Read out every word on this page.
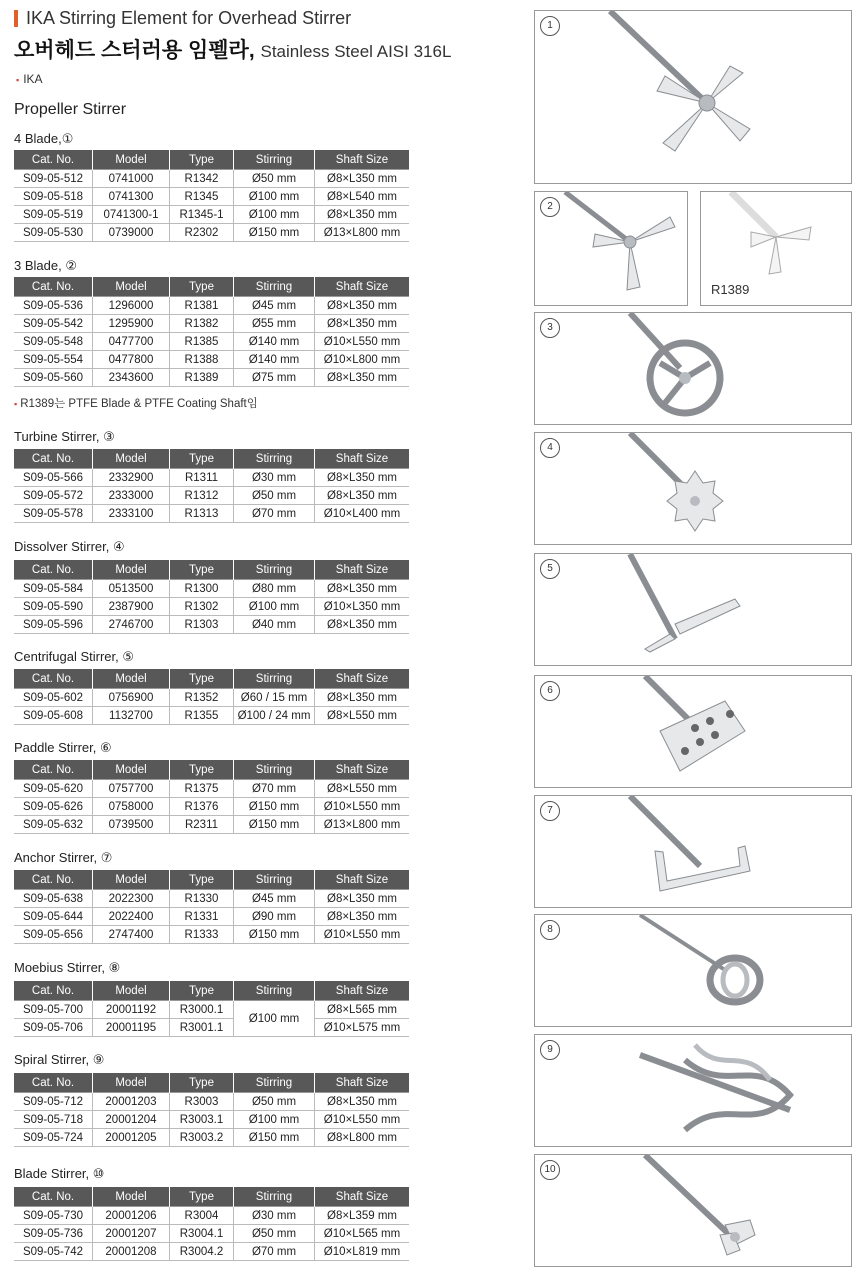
IKA Stirring Element for Overhead Stirrer
오버헤드 스터러용 임펠라, Stainless Steel AISI 316L
▪ IKA
Propeller Stirrer
4 Blade,①
Cat. No.	Model	Type	Stirring	Shaft Size
S09-05-512	0741000	R1342	Ø50 mm	Ø8×L350 mm
S09-05-518	0741300	R1345	Ø100 mm	Ø8×L540 mm
S09-05-519	0741300-1	R1345-1	Ø100 mm	Ø8×L350 mm
S09-05-530	0739000	R2302	Ø150 mm	Ø13×L800 mm
3 Blade, ②
Cat. No.	Model	Type	Stirring	Shaft Size
S09-05-536	1296000	R1381	Ø45 mm	Ø8×L350 mm
S09-05-542	1295900	R1382	Ø55 mm	Ø8×L350 mm
S09-05-548	0477700	R1385	Ø140 mm	Ø10×L550 mm
S09-05-554	0477800	R1388	Ø140 mm	Ø10×L800 mm
S09-05-560	2343600	R1389	Ø75 mm	Ø8×L350 mm
▪ R1389는 PTFE Blade & PTFE Coating Shaft임
Turbine Stirrer, ③
Cat. No.	Model	Type	Stirring	Shaft Size
S09-05-566	2332900	R1311	Ø30 mm	Ø8×L350 mm
S09-05-572	2333000	R1312	Ø50 mm	Ø8×L350 mm
S09-05-578	2333100	R1313	Ø70 mm	Ø10×L400 mm
Dissolver Stirrer, ④
Cat. No.	Model	Type	Stirring	Shaft Size
S09-05-584	0513500	R1300	Ø80 mm	Ø8×L350 mm
S09-05-590	2387900	R1302	Ø100 mm	Ø10×L350 mm
S09-05-596	2746700	R1303	Ø40 mm	Ø8×L350 mm
Centrifugal Stirrer, ⑤
Cat. No.	Model	Type	Stirring	Shaft Size
S09-05-602	0756900	R1352	Ø60 / 15 mm	Ø8×L350 mm
S09-05-608	1132700	R1355	Ø100 / 24 mm	Ø8×L550 mm
Paddle Stirrer, ⑥
Cat. No.	Model	Type	Stirring	Shaft Size
S09-05-620	0757700	R1375	Ø70 mm	Ø8×L550 mm
S09-05-626	0758000	R1376	Ø150 mm	Ø10×L550 mm
S09-05-632	0739500	R2311	Ø150 mm	Ø13×L800 mm
Anchor Stirrer, ⑦
Cat. No.	Model	Type	Stirring	Shaft Size
S09-05-638	2022300	R1330	Ø45 mm	Ø8×L350 mm
S09-05-644	2022400	R1331	Ø90 mm	Ø8×L350 mm
S09-05-656	2747400	R1333	Ø150 mm	Ø10×L550 mm
Moebius Stirrer, ⑧
Cat. No.	Model	Type	Stirring	Shaft Size
S09-05-700	20001192	R3000.1	Ø100 mm	Ø8×L565 mm
S09-05-706	20001195	R3001.1		Ø10×L575 mm
Spiral Stirrer, ⑨
Cat. No.	Model	Type	Stirring	Shaft Size
S09-05-712	20001203	R3003	Ø50 mm	Ø8×L350 mm
S09-05-718	20001204	R3003.1	Ø100 mm	Ø10×L550 mm
S09-05-724	20001205	R3003.2	Ø150 mm	Ø8×L800 mm
Blade Stirrer, ⑩
Cat. No.	Model	Type	Stirring	Shaft Size
S09-05-730	20001206	R3004	Ø30 mm	Ø8×L359 mm
S09-05-736	20001207	R3004.1	Ø50 mm	Ø10×L565 mm
S09-05-742	20001208	R3004.2	Ø70 mm	Ø10×L819 mm
1
2
R1389
3
4
5
6
7
8
9
10
